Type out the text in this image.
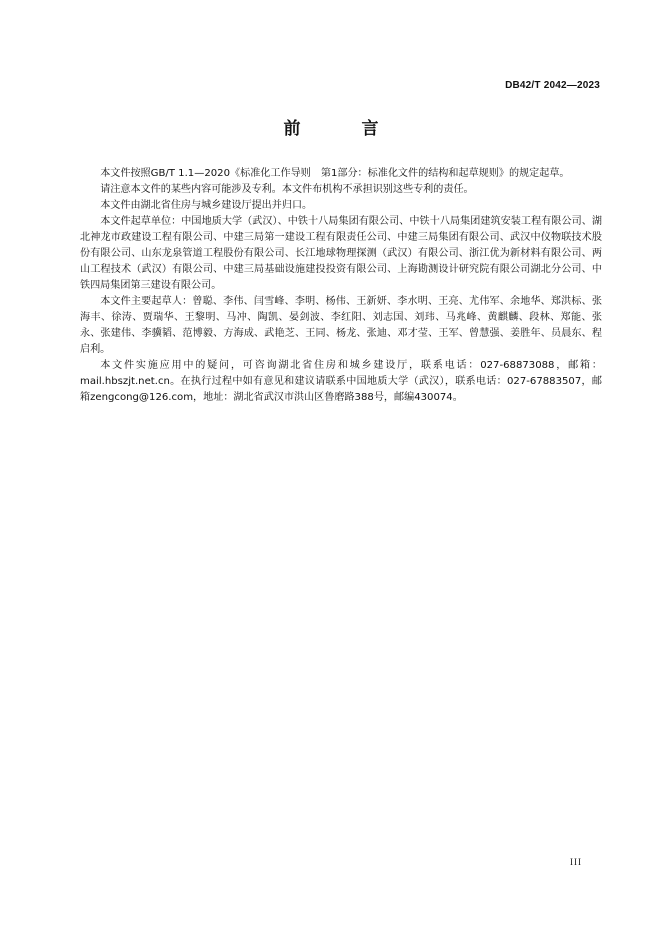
DB42/T 2042—2023
前　言

本文件按照GB/T 1.1—2020《标准化工作导则　第1部分：标准化文件的结构和起草规则》的规定起草。

请注意本文件的某些内容可能涉及专利。本文件布机构不承担识别这些专利的责任。

本文件由湖北省住房与城乡建设厅提出并归口。

本文件起草单位：中国地质大学（武汉）、中铁十八局集团有限公司、中铁十八局集团建筑安装工程有限公司、湖北神龙市政建设工程有限公司、中建三局第一建设工程有限责任公司、中建三局集团有限公司、武汉中仪物联技术股份有限公司、山东龙泉管道工程股份有限公司、长江地球物理探测（武汉）有限公司、浙江优为新材料有限公司、两山工程技术（武汉）有限公司、中建三局基础设施建投投资有限公司、上海勘测设计研究院有限公司湖北分公司、中铁四局集团第三建设有限公司。

本文件主要起草人：曾聪、李伟、闫雪峰、李明、杨伟、王新妍、李水明、王亮、尤伟军、余地华、郑洪标、张海丰、徐涛、贾瑞华、王黎明、马冲、陶凯、晏剑波、李红阳、刘志国、刘玮、马兆峰、黄麒麟、段林、郑能、张永、张建伟、李骥韬、范博毅、方海成、武艳芝、王同、杨龙、张迪、邓才莹、王军、曾慧强、姜胜年、员晨东、程启利。

本文件实施应用中的疑问，可咨询湖北省住房和城乡建设厅，联系电话：027-68873088，邮箱：mail.hbszjt.net.cn。在执行过程中如有意见和建议请联系中国地质大学（武汉），联系电话：027-67883507，邮箱zengcong@126.com，地址：湖北省武汉市洪山区鲁磨路388号，邮编430074。

III
